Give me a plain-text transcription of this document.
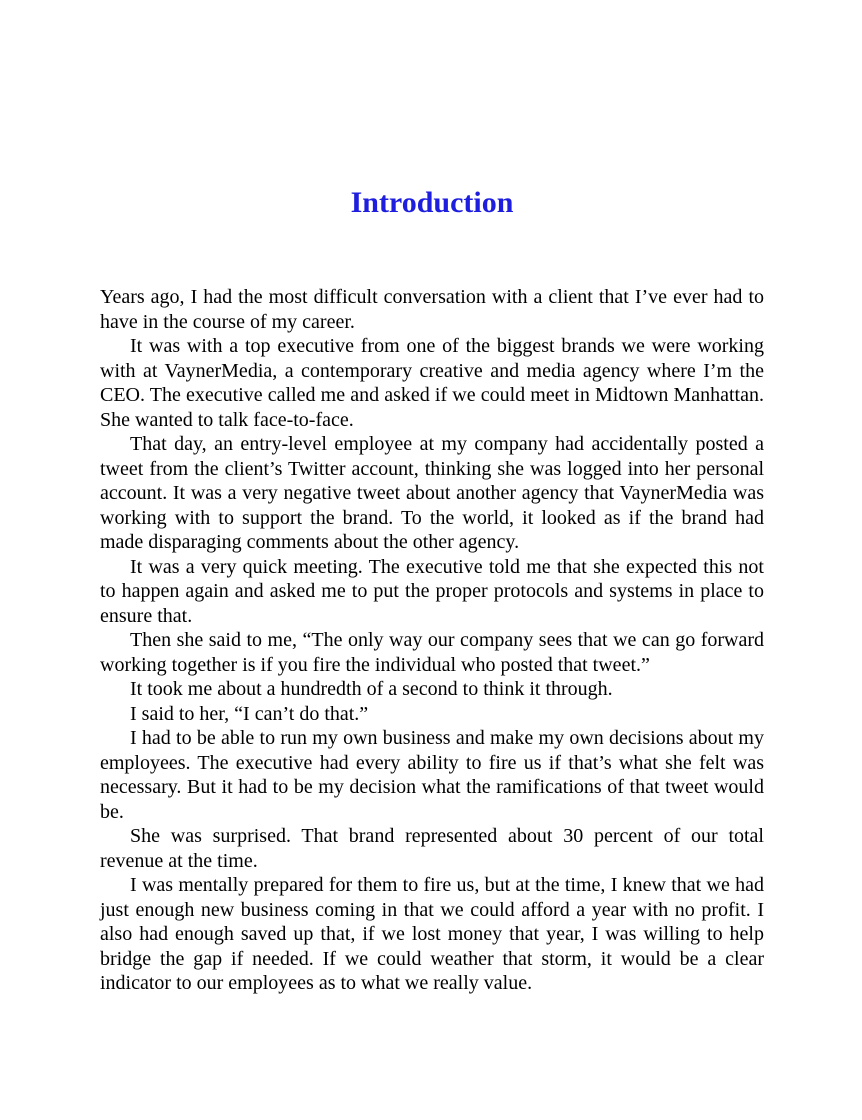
Introduction

Years ago, I had the most difficult conversation with a client that I’ve ever had to have in the course of my career.

It was with a top executive from one of the biggest brands we were working with at VaynerMedia, a contemporary creative and media agency where I’m the CEO. The executive called me and asked if we could meet in Midtown Manhattan. She wanted to talk face-to-face.

That day, an entry-level employee at my company had accidentally posted a tweet from the client’s Twitter account, thinking she was logged into her personal account. It was a very negative tweet about another agency that VaynerMedia was working with to support the brand. To the world, it looked as if the brand had made disparaging comments about the other agency.

It was a very quick meeting. The executive told me that she expected this not to happen again and asked me to put the proper protocols and systems in place to ensure that.

Then she said to me, “The only way our company sees that we can go forward working together is if you fire the individual who posted that tweet.”

It took me about a hundredth of a second to think it through.

I said to her, “I can’t do that.”

I had to be able to run my own business and make my own decisions about my employees. The executive had every ability to fire us if that’s what she felt was necessary. But it had to be my decision what the ramifications of that tweet would be.

She was surprised. That brand represented about 30 percent of our total revenue at the time.

I was mentally prepared for them to fire us, but at the time, I knew that we had just enough new business coming in that we could afford a year with no profit. I also had enough saved up that, if we lost money that year, I was willing to help bridge the gap if needed. If we could weather that storm, it would be a clear indicator to our employees as to what we really value.
